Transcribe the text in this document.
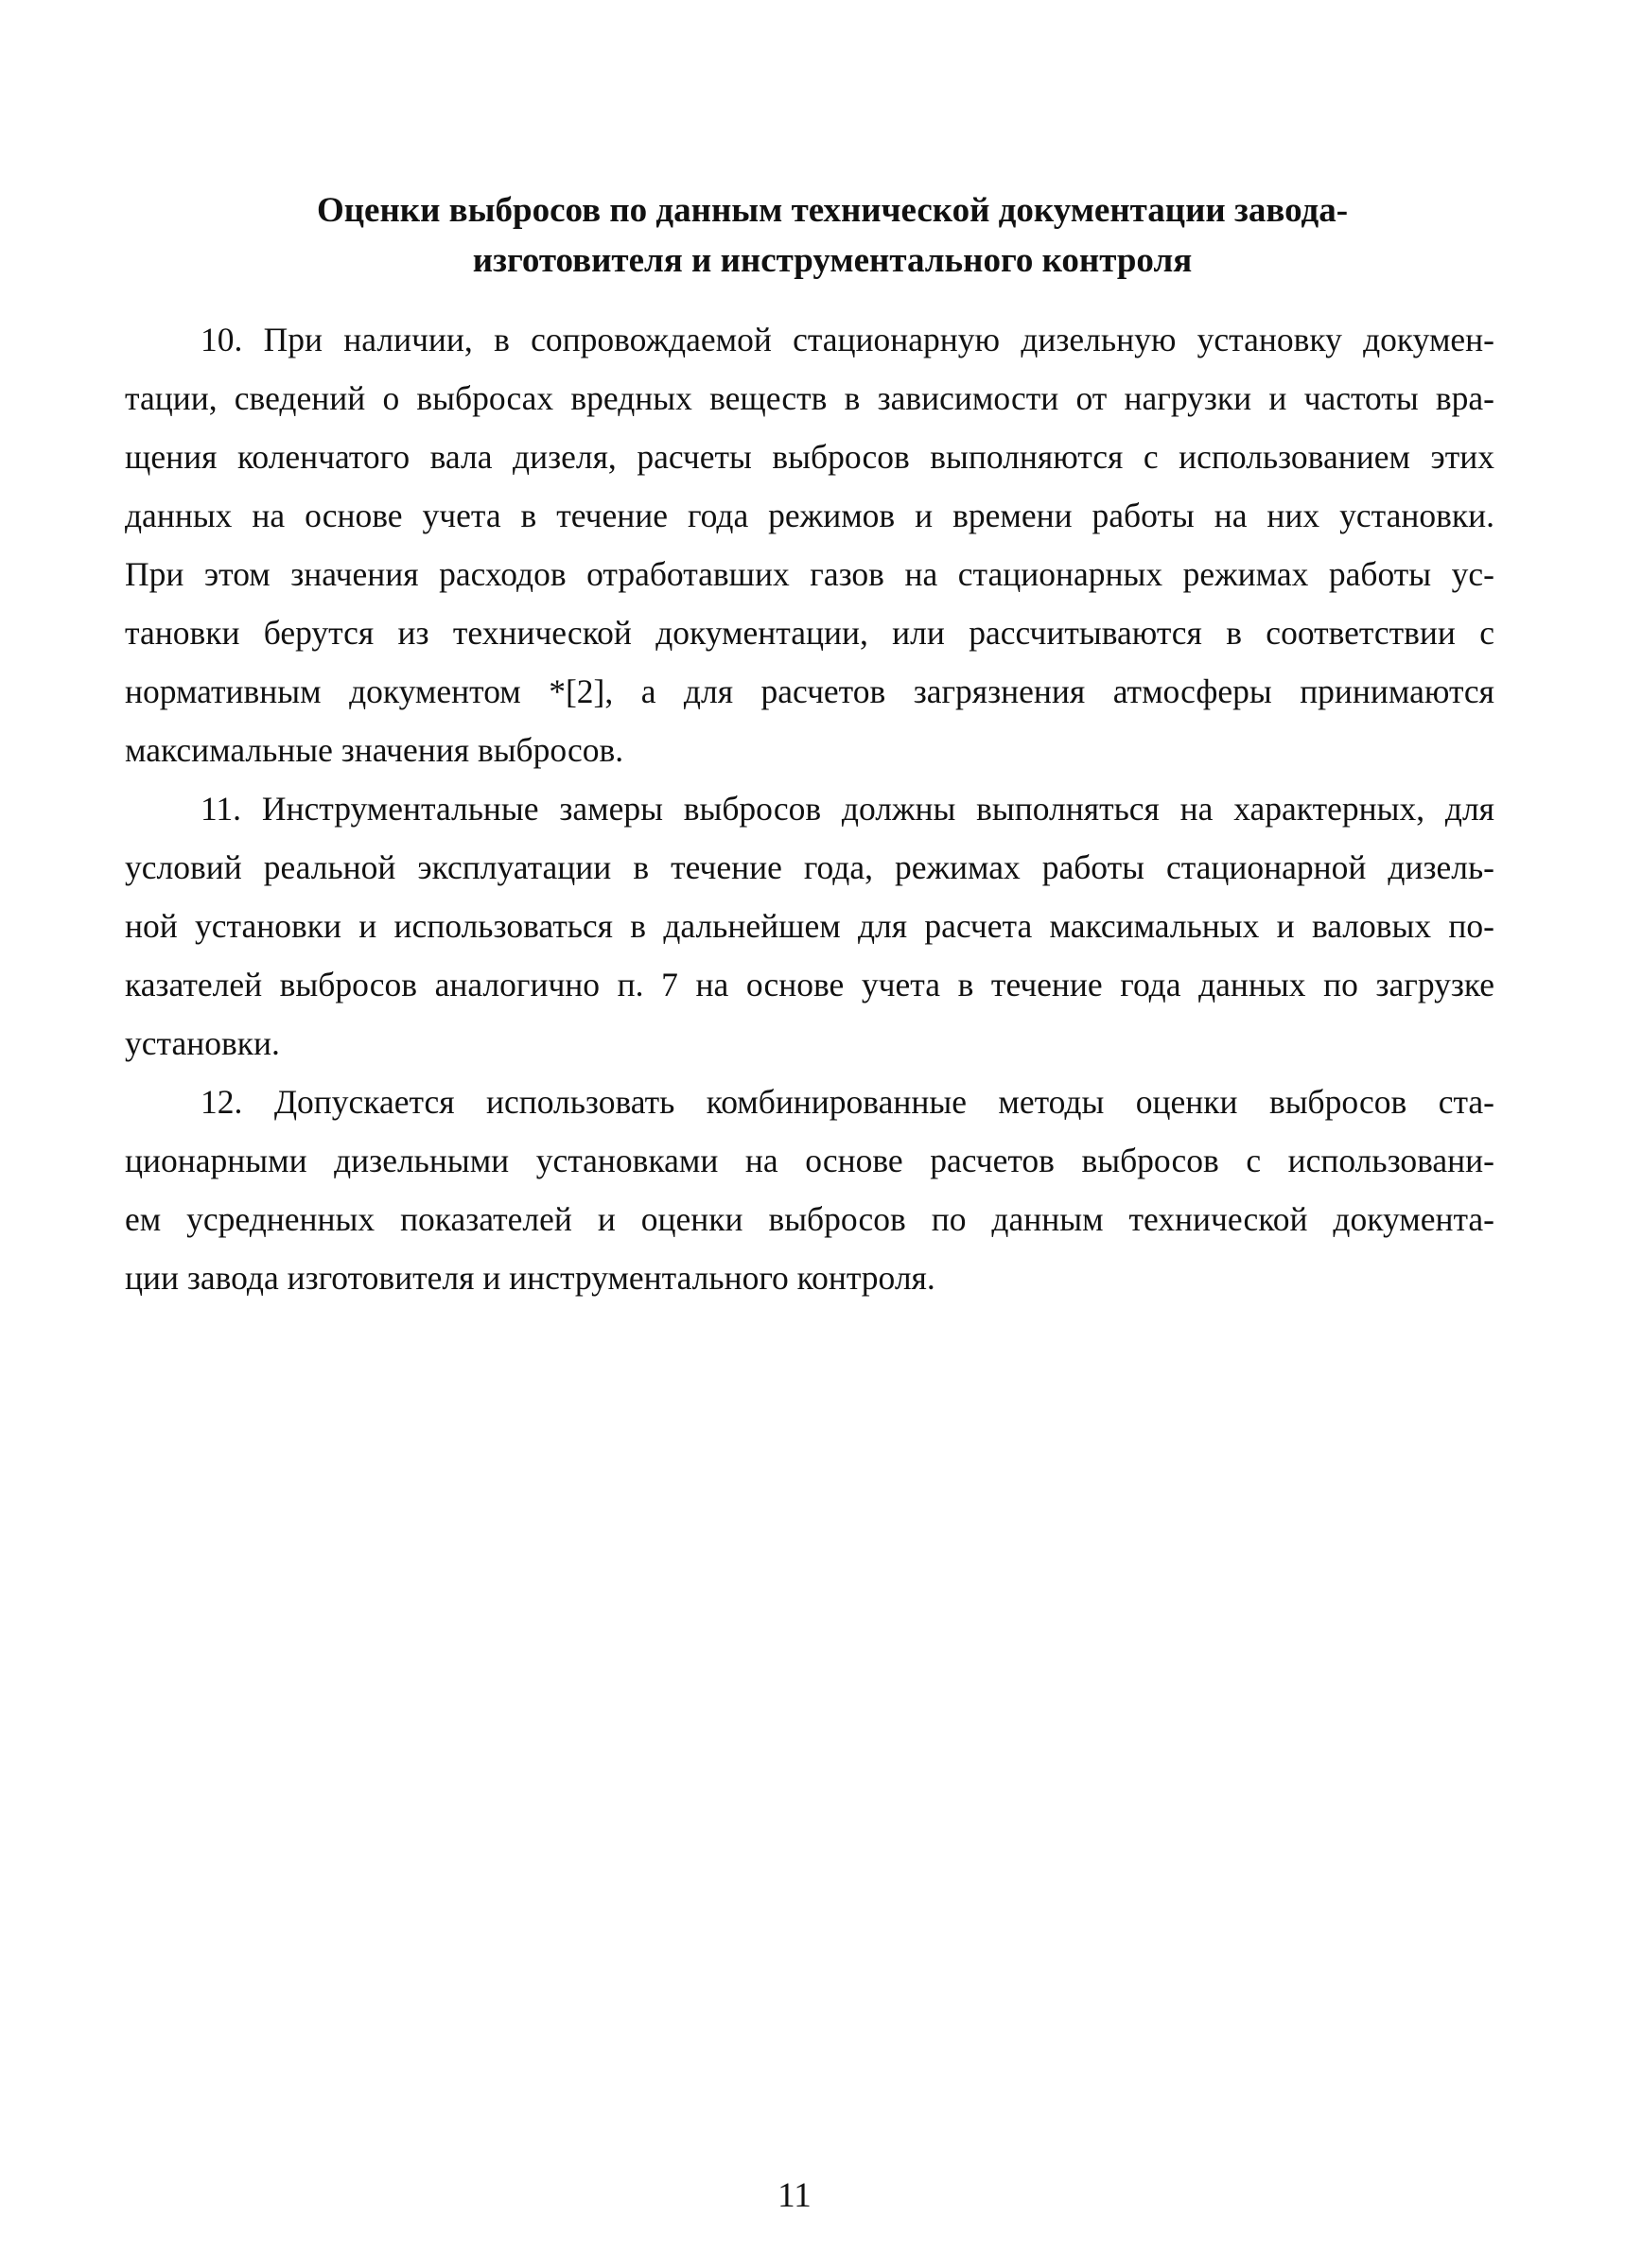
Оценки выбросов по данным технической документации завода-
изготовителя и инструментального контроля
10. При наличии, в сопровождаемой стационарную дизельную установку докумен-
тации, сведений о выбросах вредных веществ в зависимости от нагрузки и частоты вра-
щения коленчатого вала дизеля, расчеты выбросов выполняются с использованием этих
данных на основе учета в течение года режимов и времени работы на них установки.
При этом значения расходов отработавших газов на стационарных режимах работы ус-
тановки берутся из технической документации, или рассчитываются в соответствии с
нормативным документом *[2], а для расчетов загрязнения атмосферы принимаются
максимальные значения выбросов.
11. Инструментальные замеры выбросов должны выполняться на характерных, для
условий реальной эксплуатации в течение года, режимах работы стационарной дизель-
ной установки и использоваться в дальнейшем для расчета максимальных и валовых по-
казателей выбросов аналогично п. 7 на основе учета в течение года данных по загрузке
установки.
12. Допускается использовать комбинированные методы оценки выбросов ста-
ционарными дизельными установками на основе расчетов выбросов с использовани-
ем усредненных показателей и оценки выбросов по данным технической документа-
ции завода изготовителя и инструментального контроля.
11
